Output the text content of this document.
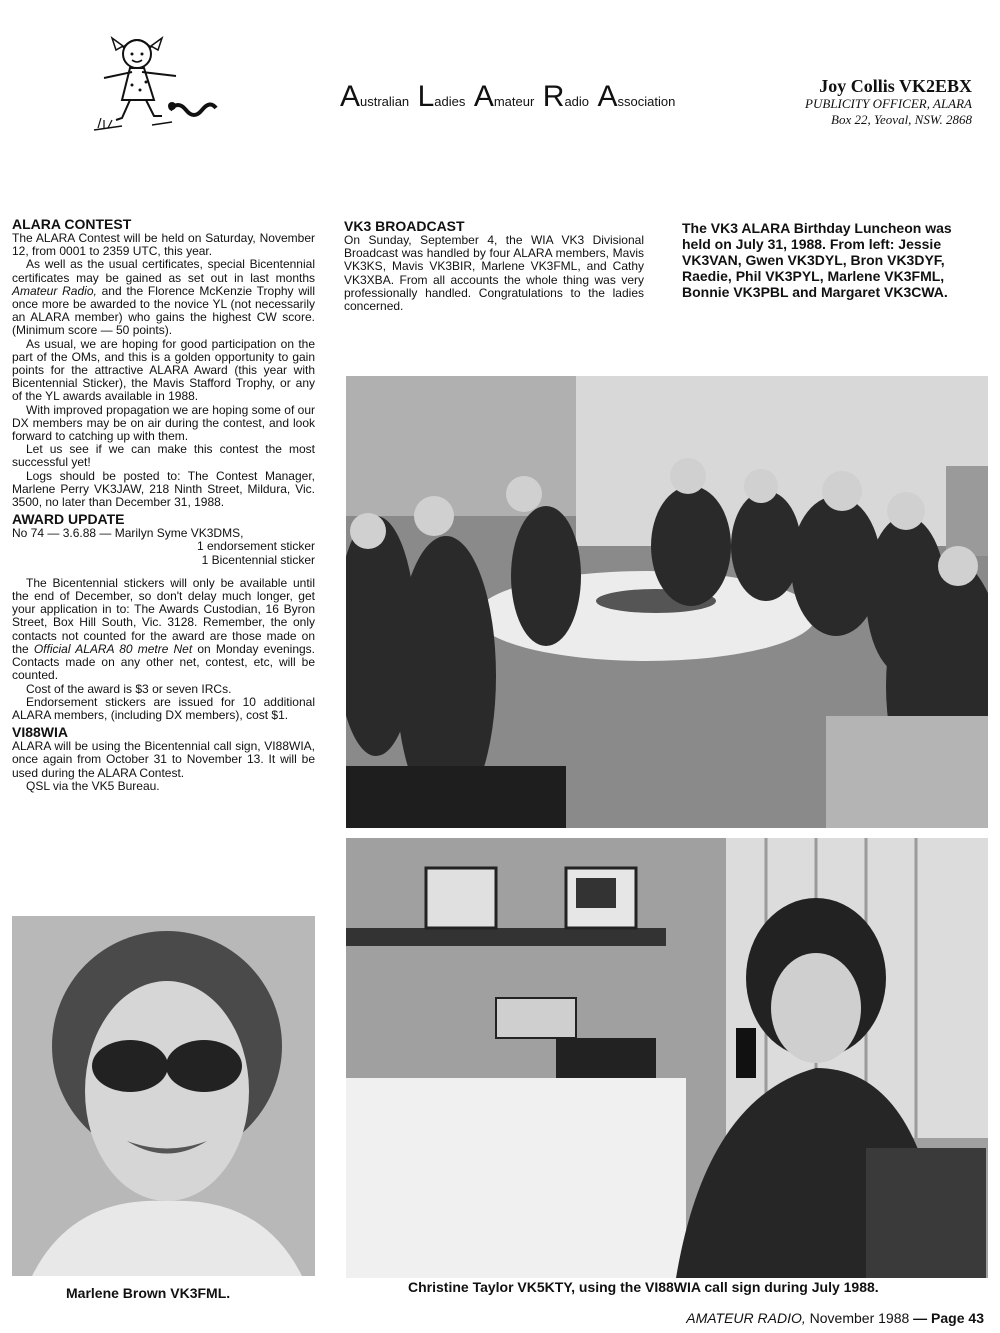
Australian Ladies Amateur Radio Association
Joy Collis VK2EBX
PUBLICITY OFFICER, ALARA
Box 22, Yeoval, NSW. 2868
ALARA CONTEST

The ALARA Contest will be held on Saturday, November 12, from 0001 to 2359 UTC, this year.

As well as the usual certificates, special Bicentennial certificates may be gained as set out in last months Amateur Radio, and the Florence McKenzie Trophy will once more be awarded to the novice YL (not necessarily an ALARA member) who gains the highest CW score. (Minimum score — 50 points).

As usual, we are hoping for good participation on the part of the OMs, and this is a golden opportunity to gain points for the attractive ALARA Award (this year with Bicentennial Sticker), the Mavis Stafford Trophy, or any of the YL awards available in 1988.

With improved propagation we are hoping some of our DX members may be on air during the contest, and look forward to catching up with them.

Let us see if we can make this contest the most successful yet!

Logs should be posted to: The Contest Manager, Marlene Perry VK3JAW, 218 Ninth Street, Mildura, Vic. 3500, no later than December 31, 1988.

AWARD UPDATE

No 74 — 3.6.88 — Marilyn Syme VK3DMS,

1 endorsement sticker

1 Bicentennial sticker

The Bicentennial stickers will only be available until the end of December, so don't delay much longer, get your application in to: The Awards Custodian, 16 Byron Street, Box Hill South, Vic. 3128. Remember, the only contacts not counted for the award are those made on the Official ALARA 80 metre Net on Monday evenings. Contacts made on any other net, contest, etc, will be counted.

Cost of the award is $3 or seven IRCs.

Endorsement stickers are issued for 10 additional ALARA members, (including DX members), cost $1.

VI88WIA

ALARA will be using the Bicentennial call sign, VI88WIA, once again from October 31 to November 13. It will be used during the ALARA Contest.

QSL via the VK5 Bureau.

VK3 BROADCAST

On Sunday, September 4, the WIA VK3 Divisional Broadcast was handled by four ALARA members, Mavis VK3KS, Mavis VK3BIR, Marlene VK3FML, and Cathy VK3XBA. From all accounts the whole thing was very professionally handled. Congratulations to the ladies concerned.

The VK3 ALARA Birthday Luncheon was held on July 31, 1988. From left: Jessie VK3VAN, Gwen VK3DYL, Bron VK3DYF, Raedie, Phil VK3PYL, Marlene VK3FML, Bonnie VK3PBL and Margaret VK3CWA.
Marlene Brown VK3FML.	Christine Taylor VK5KTY, using the VI88WIA call sign during July 1988.
AMATEUR RADIO, November 1988 — Page 43
